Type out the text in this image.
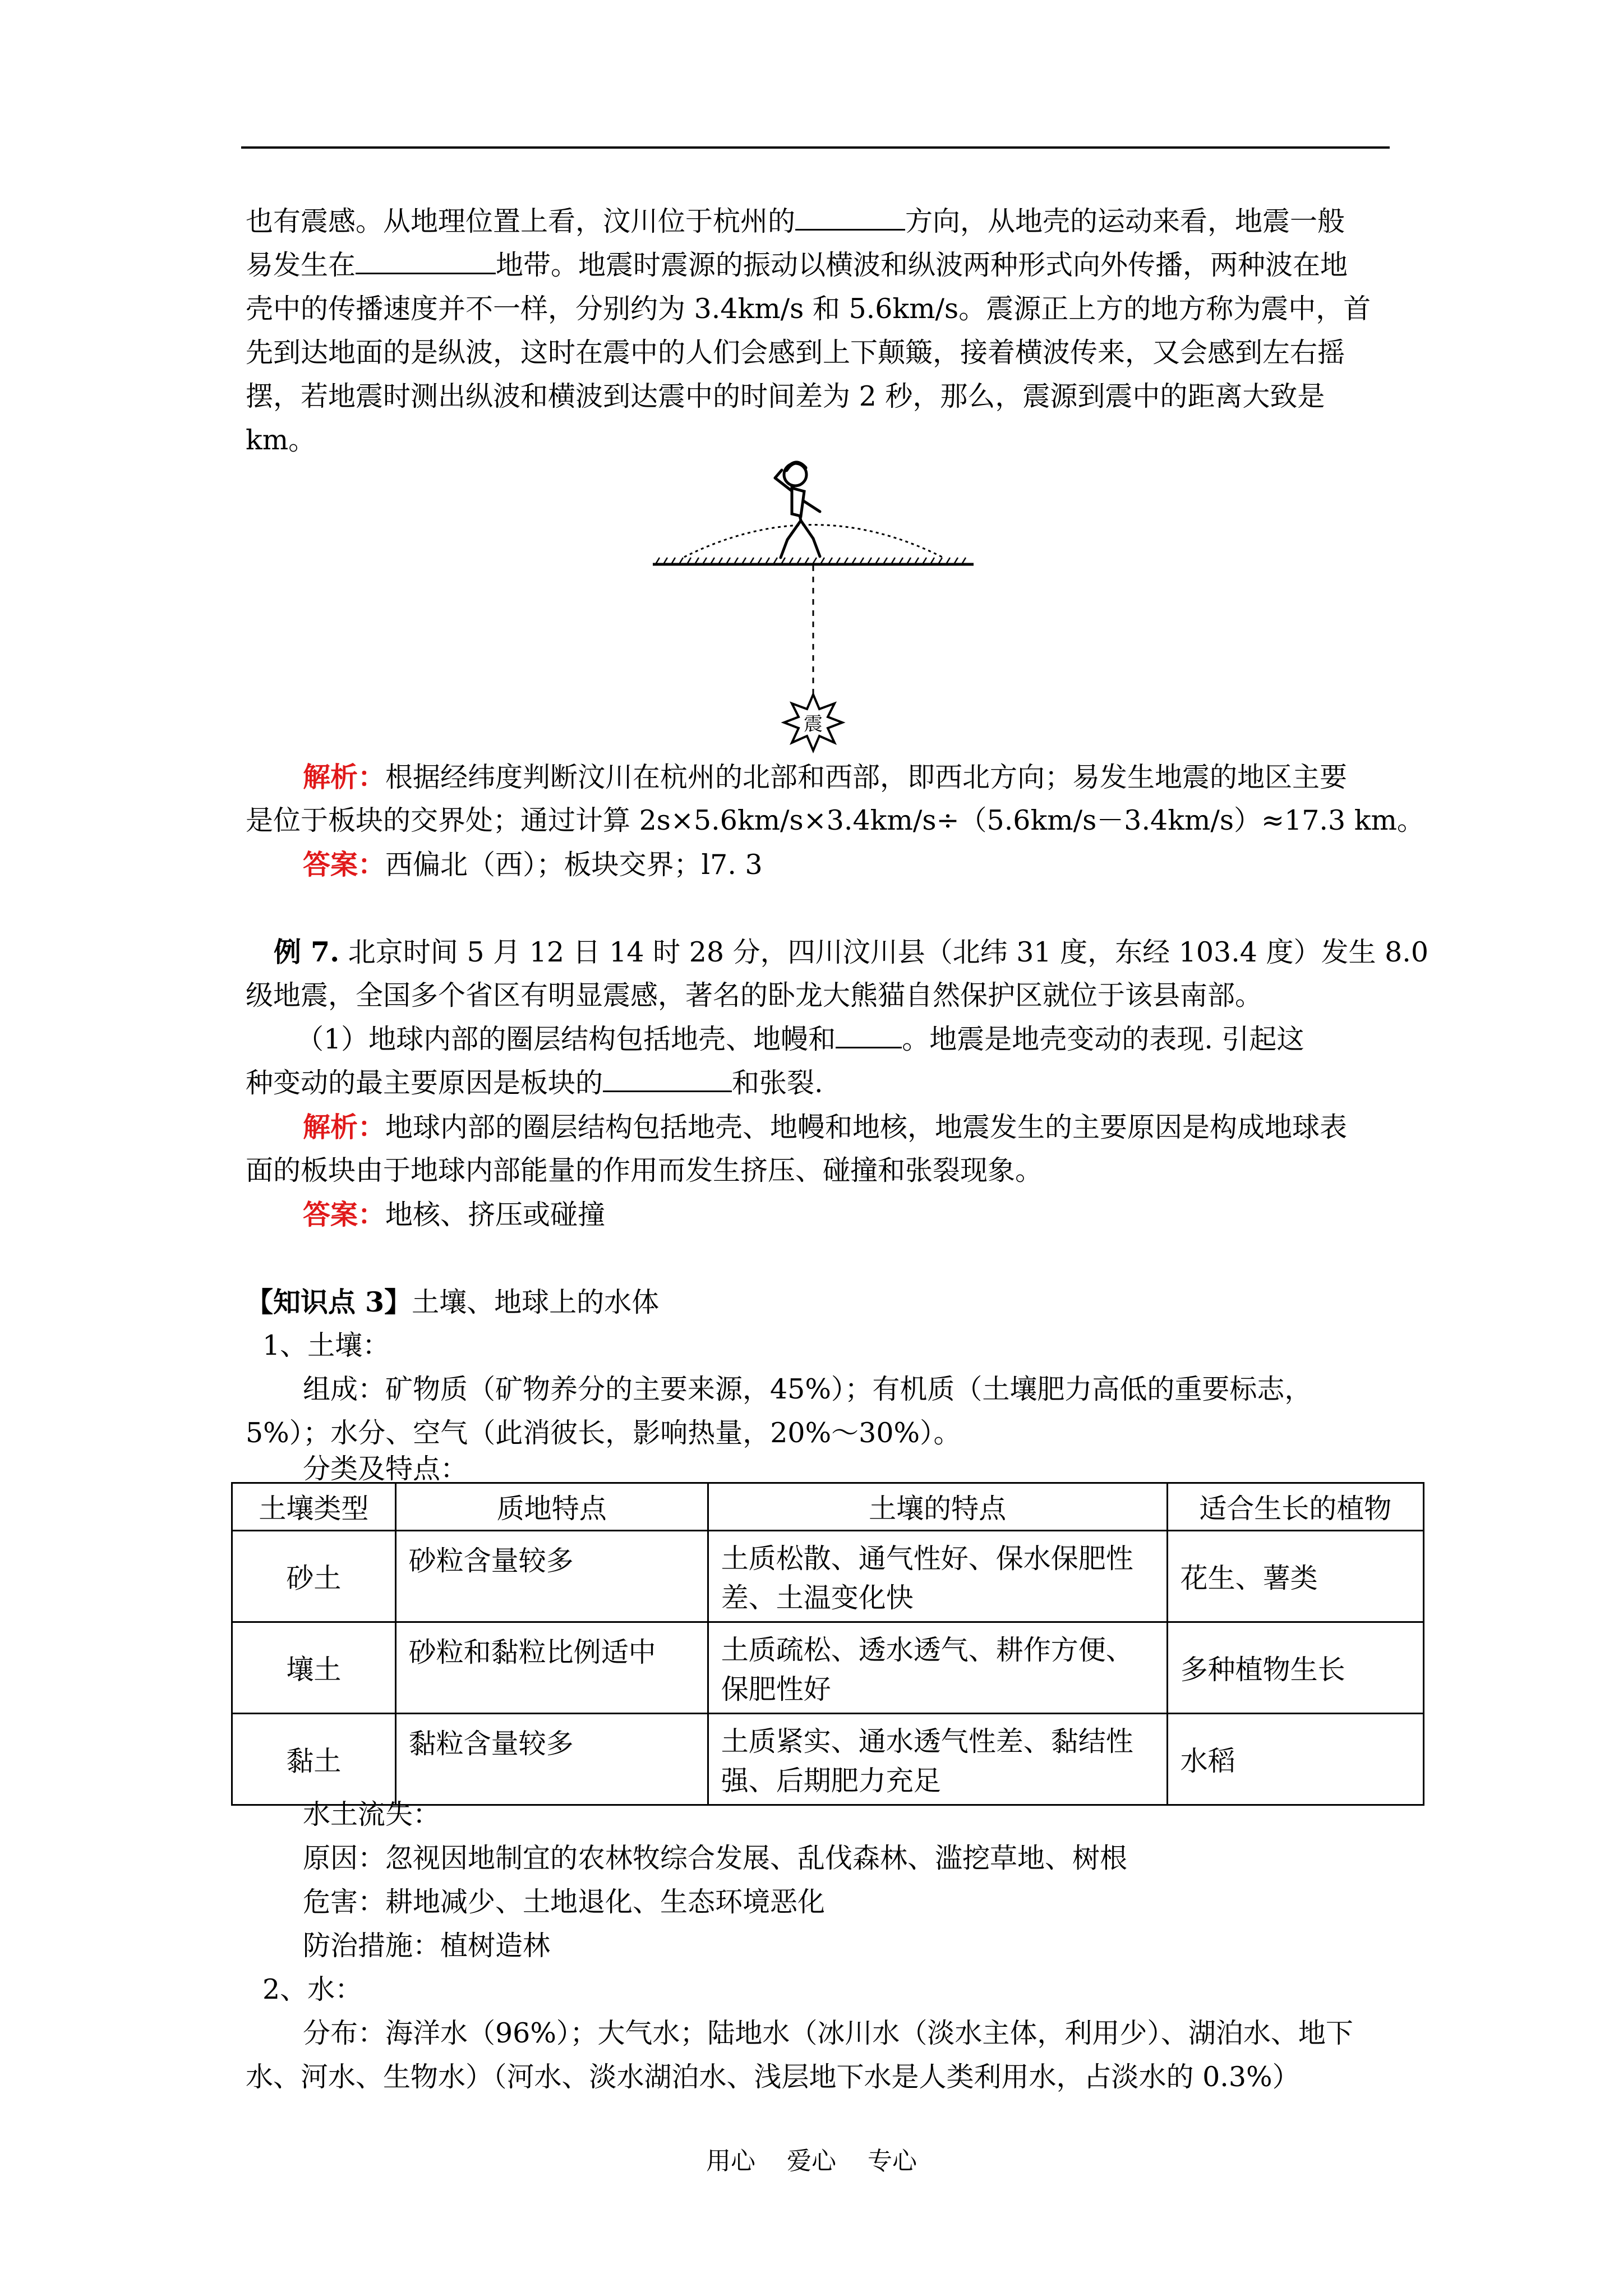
也有震感。从地理位置上看，汶川位于杭州的	方向，从地壳的运动来看，地震一般
易发生在	地带。地震时震源的振动以横波和纵波两种形式向外传播，两种波在地
壳中的传播速度并不一样，分别约为 3.4km/s 和 5.6km/s。震源正上方的地方称为震中，首
先到达地面的是纵波，这时在震中的人们会感到上下颠簸，接着横波传来，又会感到左右摇
摆，若地震时测出纵波和横波到达震中的时间差为 2 秒，那么，震源到震中的距离大致是
km。
震
解析：根据经纬度判断汶川在杭州的北部和西部，即西北方向；易发生地震的地区主要
是位于板块的交界处；通过计算 2s×5.6km/s×3.4km/s÷（5.6km/s－3.4km/s）≈17.3 km。
答案：西偏北（西）；板块交界；l7. 3
例 7. 北京时间 5 月 12 日 14 时 28 分，四川汶川县（北纬 31 度，东经 103.4 度）发生 8.0
级地震，全国多个省区有明显震感，著名的卧龙大熊猫自然保护区就位于该县南部。
（1）地球内部的圈层结构包括地壳、地幔和 。地震是地壳变动的表现. 引起这
种变动的最主要原因是板块的	和张裂.
解析：地球内部的圈层结构包括地壳、地幔和地核，地震发生的主要原因是构成地球表
面的板块由于地球内部能量的作用而发生挤压、碰撞和张裂现象。
答案：地核、挤压或碰撞
【知识点 3】土壤、地球上的水体
1、土壤：
组成：矿物质（矿物养分的主要来源，45%）；有机质（土壤肥力高低的重要标志，
5%）；水分、空气（此消彼长，影响热量，20%～30%）。
分类及特点：
土壤类型	质地特点	土壤的特点	适合生长的植物
砂土	砂粒含量较多	土质松散、通气性好、保水保肥性差、土温变化快	花生、薯类
壤土	砂粒和黏粒比例适中	土质疏松、透水透气、耕作方便、保肥性好	多种植物生长
黏土	黏粒含量较多	土质紧实、通水透气性差、黏结性强、后期肥力充足	水稻
水土流失：
原因：忽视因地制宜的农林牧综合发展、乱伐森林、滥挖草地、树根
危害：耕地减少、土地退化、生态环境恶化
防治措施：植树造林
2、水：
分布：海洋水（96%）；大气水；陆地水（冰川水（淡水主体，利用少）、湖泊水、地下
水、河水、生物水）（河水、淡水湖泊水、浅层地下水是人类利用水，占淡水的 0.3%）
用心 爱心 专心
